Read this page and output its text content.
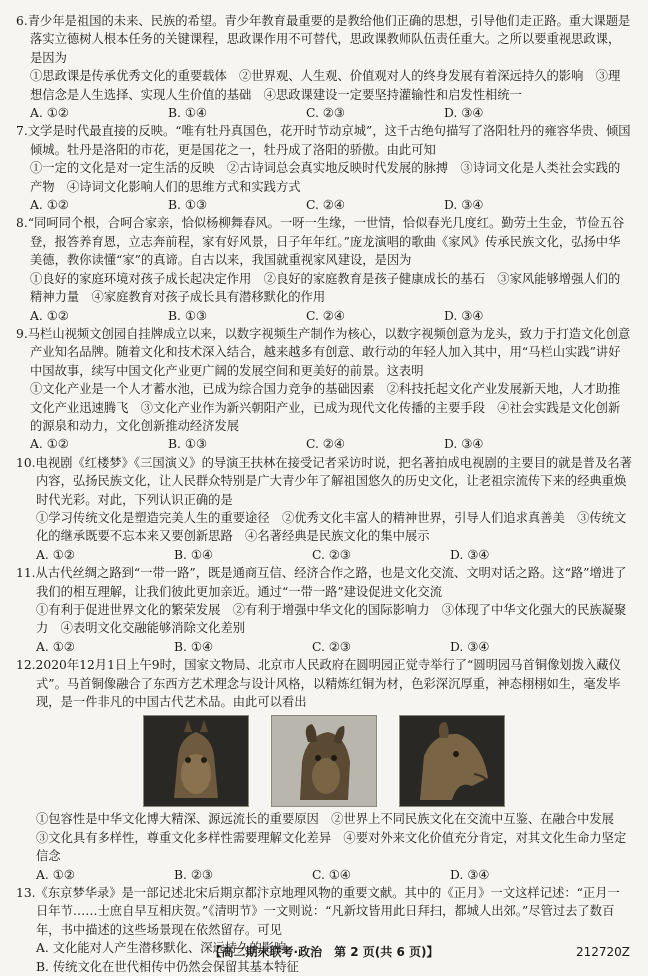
6.青少年是祖国的未来、民族的希望。青少年教育最重要的是教给他们正确的思想，引导他们走正路。重大课题是落实立德树人根本任务的关键课程，思政课作用不可替代，思政课教师队伍责任重大。之所以要重视思政课，是因为
①思政课是传承优秀文化的重要载体　②世界观、人生观、价值观对人的终身发展有着深远持久的影响　③理想信念是人生选择、实现人生价值的基础　④思政课建设一定要坚持灌输性和启发性相统一
A. ①②	B. ①④	C. ②③	D. ③④
7.文学是时代最直接的反映。“唯有牡丹真国色，花开时节动京城”，这千古绝句描写了洛阳牡丹的雍容华贵、倾国倾城。牡丹是洛阳的市花，更是国花之一，牡丹成了洛阳的骄傲。由此可知
①一定的文化是对一定生活的反映　②古诗词总会真实地反映时代发展的脉搏　③诗词文化是人类社会实践的产物　④诗词文化影响人们的思维方式和实践方式
A. ①②	B. ①③	C. ②④	D. ③④
8.“同呵同个根，合呵合家亲，恰似杨柳舞春风。一呀一生缘，一世情，恰似春光几度红。勤劳土生金，节俭五谷登，报答养育恩，立志奔前程，家有好风景，日子年年红。”庞龙演唱的歌曲《家风》传承民族文化，弘扬中华美德，教你读懂“家”的真谛。自古以来，我国就重视家风建设，是因为
①良好的家庭环境对孩子成长起决定作用　②良好的家庭教育是孩子健康成长的基石　③家风能够增强人们的精神力量　④家庭教育对孩子成长具有潜移默化的作用
A. ①②	B. ①③	C. ②④	D. ③④
9.马栏山视频文创园自挂牌成立以来，以数字视频生产制作为核心，以数字视频创意为龙头，致力于打造文化创意产业知名品牌。随着文化和技术深入结合，越来越多有创意、敢行动的年轻人加入其中，用“马栏山实践”讲好中国故事，续写中国文化产业更广阔的发展空间和更美好的前景。这表明
①文化产业是一个人才蓄水池，已成为综合国力竞争的基础因素　②科技托起文化产业发展新天地，人才助推文化产业迅速腾飞　③文化产业作为新兴朝阳产业，已成为现代文化传播的主要手段　④社会实践是文化创新的源泉和动力，文化创新推动经济发展
A. ①②	B. ①③	C. ②④	D. ③④
10.电视剧《红楼梦》《三国演义》的导演王扶林在接受记者采访时说，把名著拍成电视剧的主要目的就是普及名著内容，弘扬民族文化，让人民群众特别是广大青少年了解祖国悠久的历史文化，让老祖宗流传下来的经典重焕时代光彩。对此，下列认识正确的是
①学习传统文化是塑造完美人生的重要途径　②优秀文化丰富人的精神世界，引导人们追求真善美　③传统文化的继承既要不忘本来又要创新思路　④名著经典是民族文化的集中展示
A. ①②	B. ①④	C. ②③	D. ③④
11.从古代丝绸之路到“一带一路”，既是通商互信、经济合作之路，也是文化交流、文明对话之路。这“路”增进了我们的相互理解，让我们彼此更加亲近。通过“一带一路”建设促进文化交流
①有利于促进世界文化的繁荣发展　②有利于增强中华文化的国际影响力　③体现了中华文化强大的民族凝聚力　④表明文化交融能够消除文化差别
A. ①②	B. ①④	C. ②③	D. ③④
12.2020年12月1日上午9时，国家文物局、北京市人民政府在圆明园正觉寺举行了“圆明园马首铜像划拨入藏仪式”。马首铜像融合了东西方艺术理念与设计风格，以精炼红铜为材，色彩深沉厚重，神态栩栩如生，毫发毕现，是一件非凡的中国古代艺术品。由此可以看出
①包容性是中华文化博大精深、源远流长的重要原因　②世界上不同民族文化在交流中互鉴、在融合中发展　③文化具有多样性，尊重文化多样性需要理解文化差异　④要对外来文化价值充分肯定，对其文化生命力坚定信念
A. ①②	B. ②③	C. ①④	D. ③④
13.《东京梦华录》是一部记述北宋后期京都汴京地理风物的重要文献。其中的《正月》一文这样记述：“正月一日年节……士庶自早互相庆贺。”《清明节》一文则说：“凡新坟皆用此日拜扫，都城人出郊。”尽管过去了数百年，书中描述的这些场景现在依然留存。可见
A. 文化能对人产生潜移默化、深远持久的影响
B. 传统文化在世代相传中仍然会保留其基本特征
【高二期末联考·政治　第 2 页(共 6 页)】	212720Z
